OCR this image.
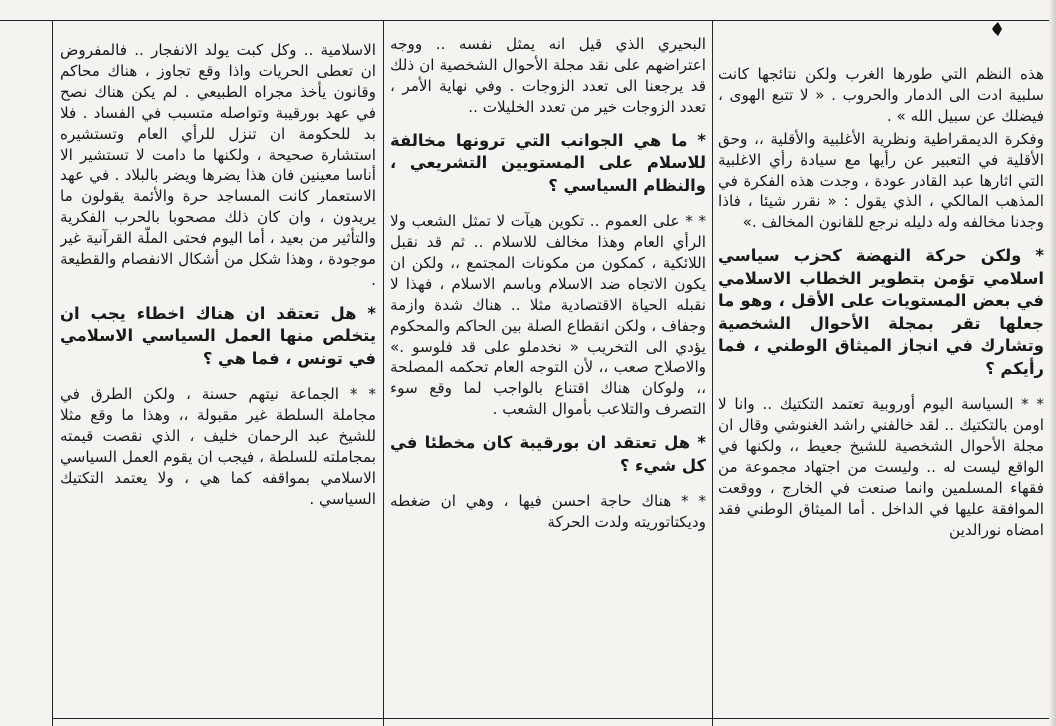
هذه النظم التي طورها الغرب ولكن نتائجها كانت سلبية ادت الى الدمار والحروب . « لا تتبع الهوى ، فيضلك عن سبيل الله » .

وفكرة الديمقراطية ونظرية الأغلبية والأقلية ،، وحق الأقلية في التعبير عن رأيها مع سيادة رأي الاغلبية التي اثارها عبد القادر عودة ، وجدت هذه الفكرة في المذهب المالكي ، الذي يقول : « نقرر شيئا ، فاذا وجدنا مخالفه وله دليله نرجع للقانون المخالف .»

* ولكن حركة النهضة كحزب سياسي اسلامي تؤمن بتطوير الخطاب الاسلامي في بعض المستويات على الأقل ، وهو ما جعلها تقر بمجلة الأحوال الشخصية وتشارك في انجاز الميثاق الوطني ، فما رأيكم ؟

* * السياسة اليوم أوروبية تعتمد التكتيك .. وانا لا اومن بالتكتيك .. لقد خالفني راشد الغنوشي وقال ان مجلة الأحوال الشخصية للشيخ جعيط ،، ولكنها في الواقع ليست له .. وليست من اجتهاد مجموعة من فقهاء المسلمين وانما صنعت في الخارج ، ووقعت الموافقة عليها في الداخل . أما الميثاق الوطني فقد امضاه نورالدين

البحيري الذي قيل انه يمثل نفسه .. ووجه اعتراضهم على نقد مجلة الأحوال الشخصية ان ذلك قد يرجعنا الى تعدد الزوجات . وفي نهاية الأمر ، تعدد الزوجات خير من تعدد الخليلات ..

* ما هي الجوانب التي ترونها مخالفة للاسلام على المستويين التشريعي ، والنظام السياسي ؟

* * على العموم .. تكوين هيآت لا تمثل الشعب ولا الرأي العام وهذا مخالف للاسلام .. ثم قد نقبل اللائكية ، كمكون من مكونات المجتمع ،، ولكن ان يكون الاتجاه ضد الاسلام وباسم الاسلام ، فهذا لا نقبله الحياة الاقتصادية مثلا .. هناك شدة وازمة وجفاف ، ولكن انقطاع الصلة بين الحاكم والمحكوم يؤدي الى التخريب « نخدملو على قد فلوسو .» والاصلاح صعب ،، لأن التوجه العام تحكمه المصلحة ،، ولوكان هناك اقتناع بالواجب لما وقع سوء التصرف والتلاعب بأموال الشعب .

* هل تعتقد ان بورقيبة كان مخطئا في كل شيء ؟

* * هناك حاجة احسن فيها ، وهي ان ضغطه وديكتاتوريته ولدت الحركة

الاسلامية .. وكل كبت يولد الانفجار .. فالمفروض ان تعطى الحريات واذا وقع تجاوز ، هناك محاكم وقانون يأخذ مجراه الطبيعي . لم يكن هناك نصح في عهد بورقيبة وتواصله متسبب في الفساد . فلا بد للحكومة ان تنزل للرأي العام وتستشيره استشارة صحيحة ، ولكنها ما دامت لا تستشير الا أناسا معينين فان هذا يضرها ويضر بالبلاد . في عهد الاستعمار كانت المساجد حرة والأئمة يقولون ما يريدون ، وان كان ذلك مصحوبا بالحرب الفكرية والتأثير من بعيد ، أما اليوم فحتى الملّة القرآنية غير موجودة ، وهذا شكل من أشكال الانفصام والقطيعة .

* هل تعتقد ان هناك اخطاء يجب ان يتخلص منها العمل السياسي الاسلامي في تونس ، فما هي ؟

* * الجماعة نيتهم حسنة ، ولكن الطرق في مجاملة السلطة غير مقبولة ،، وهذا ما وقع مثلا للشيخ عبد الرحمان خليف ، الذي نقصت قيمته بمجاملته للسلطة ، فيجب ان يقوم العمل السياسي الاسلامي بمواقفه كما هي ، ولا يعتمد التكتيك السياسي .
